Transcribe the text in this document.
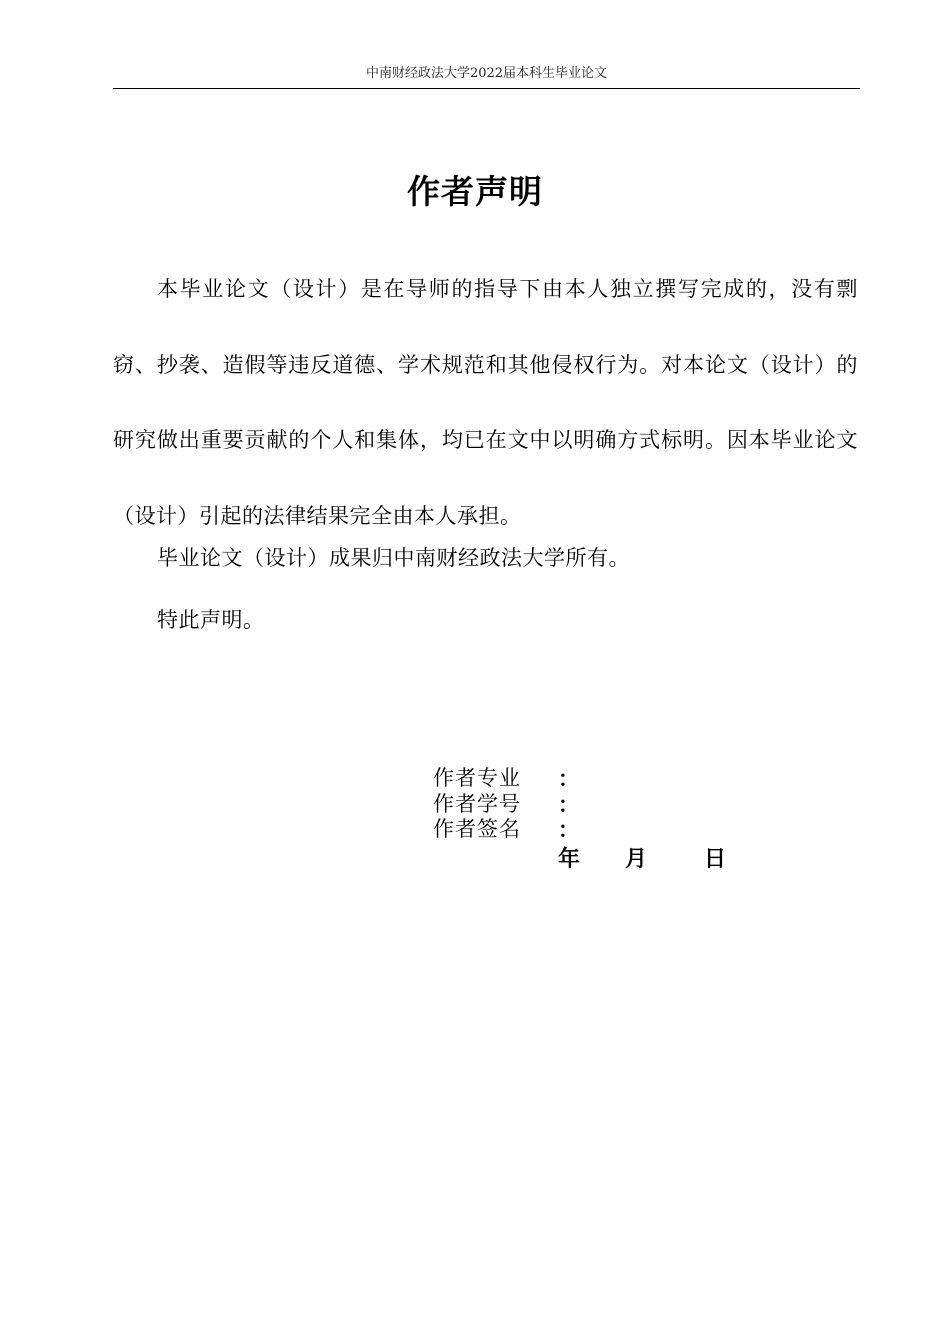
中南财经政法大学2022届本科生毕业论文
作者声明
本毕业论文（设计）是在导师的指导下由本人独立撰写完成的，没有剽窃、抄袭、造假等违反道德、学术规范和其他侵权行为。对本论文（设计）的研究做出重要贡献的个人和集体，均已在文中以明确方式标明。因本毕业论文（设计）引起的法律结果完全由本人承担。
毕业论文（设计）成果归中南财经政法大学所有。
特此声明。
作者专业	：
作者学号	：
作者签名	：
年 月	日
